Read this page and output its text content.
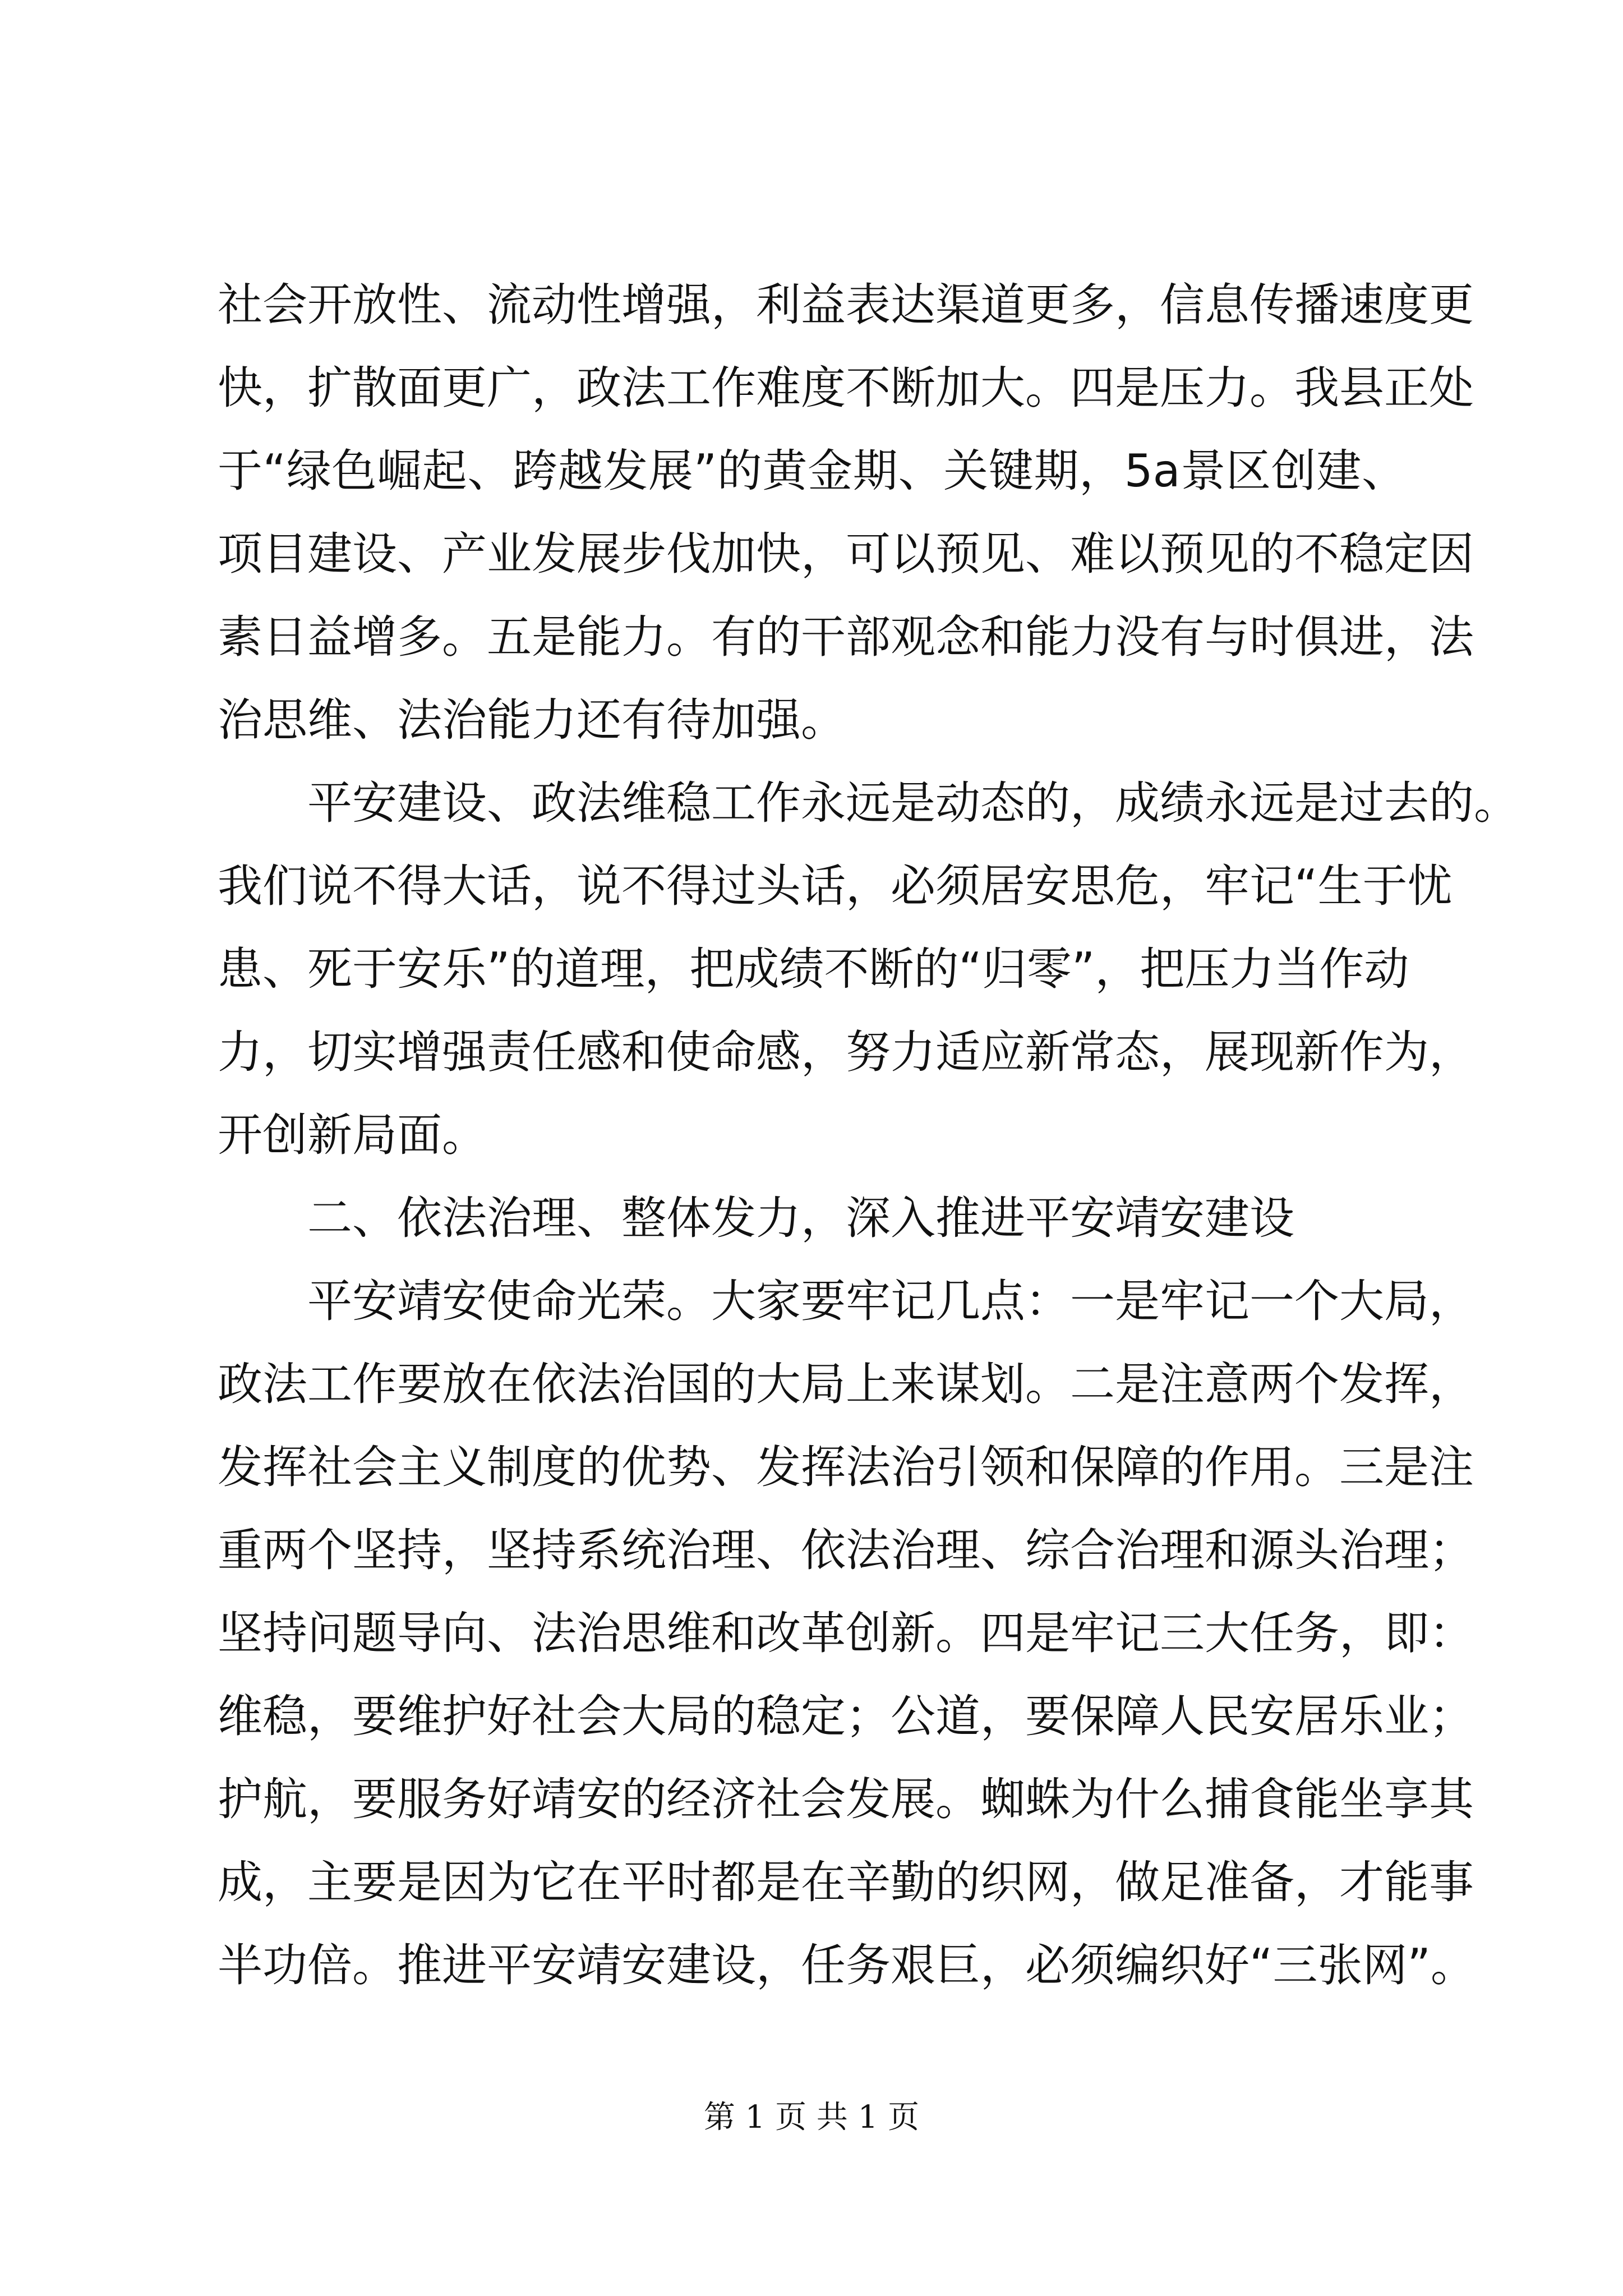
社会开放性、流动性增强，利益表达渠道更多，信息传播速度更
快，扩散面更广，政法工作难度不断加大。四是压力。我县正处
于“绿色崛起、跨越发展”的黄金期、关键期，5a景区创建、
项目建设、产业发展步伐加快，可以预见、难以预见的不稳定因
素日益增多。五是能力。有的干部观念和能力没有与时俱进，法
治思维、法治能力还有待加强。
平安建设、政法维稳工作永远是动态的，成绩永远是过去的。
我们说不得大话，说不得过头话，必须居安思危，牢记“生于忧
患、死于安乐”的道理，把成绩不断的“归零”，把压力当作动
力，切实增强责任感和使命感，努力适应新常态，展现新作为，
开创新局面。
二、依法治理、整体发力，深入推进平安靖安建设
平安靖安使命光荣。大家要牢记几点：一是牢记一个大局，
政法工作要放在依法治国的大局上来谋划。二是注意两个发挥，
发挥社会主义制度的优势、发挥法治引领和保障的作用。三是注
重两个坚持，坚持系统治理、依法治理、综合治理和源头治理；
坚持问题导向、法治思维和改革创新。四是牢记三大任务，即：
维稳，要维护好社会大局的稳定；公道，要保障人民安居乐业；
护航，要服务好靖安的经济社会发展。蜘蛛为什么捕食能坐享其
成，主要是因为它在平时都是在辛勤的织网，做足准备，才能事
半功倍。推进平安靖安建设，任务艰巨，必须编织好“三张网”。
第 1 页 共 1 页
